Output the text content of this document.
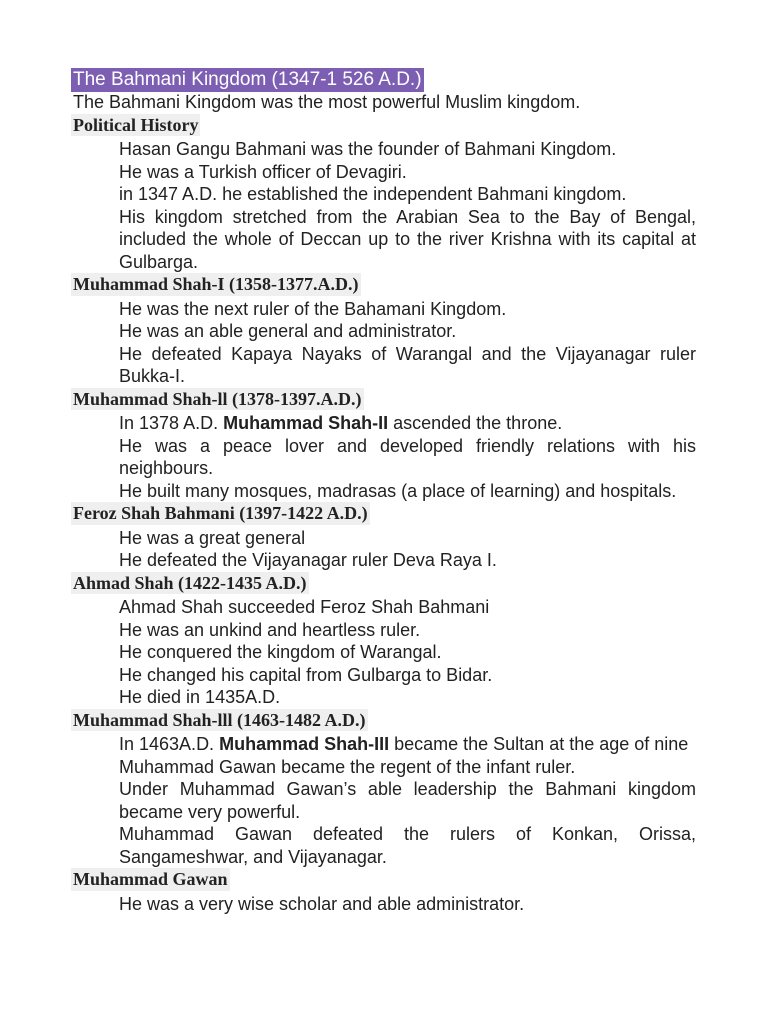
The Bahmani Kingdom (1347-1 526 A.D.)

The Bahmani Kingdom was the most powerful Muslim kingdom.

Political History

Hasan Gangu Bahmani was the founder of Bahmani Kingdom.

He was a Turkish officer of Devagiri.

in 1347 A.D. he established the independent Bahmani kingdom.

His kingdom stretched from the Arabian Sea to the Bay of Bengal, included the whole of Deccan up to the river Krishna with its capital at Gulbarga.

Muhammad Shah-I (1358-1377.A.D.)

He was the next ruler of the Bahamani Kingdom.

He was an able general and administrator.

He defeated Kapaya Nayaks of Warangal and the Vijayanagar ruler Bukka-I.

Muhammad Shah-ll (1378-1397.A.D.)

In 1378 A.D. Muhammad Shah-II ascended the throne.

He was a peace lover and developed friendly relations with his neighbours.

He built many mosques, madrasas (a place of learning) and hospitals.

Feroz Shah Bahmani (1397-1422 A.D.)

He was a great general

He defeated the Vijayanagar ruler Deva Raya I.

Ahmad Shah (1422-1435 A.D.)

Ahmad Shah succeeded Feroz Shah Bahmani

He was an unkind and heartless ruler.

He conquered the kingdom of Warangal.

He changed his capital from Gulbarga to Bidar.

He died in 1435A.D.

Muhammad Shah-lll (1463-1482 A.D.)

In 1463A.D. Muhammad Shah-III became the Sultan at the age of nine

Muhammad Gawan became the regent of the infant ruler.

Under Muhammad Gawan’s able leadership the Bahmani kingdom became very powerful.

Muhammad Gawan defeated the rulers of Konkan, Orissa, Sangameshwar, and Vijayanagar.

Muhammad Gawan

He was a very wise scholar and able administrator.
